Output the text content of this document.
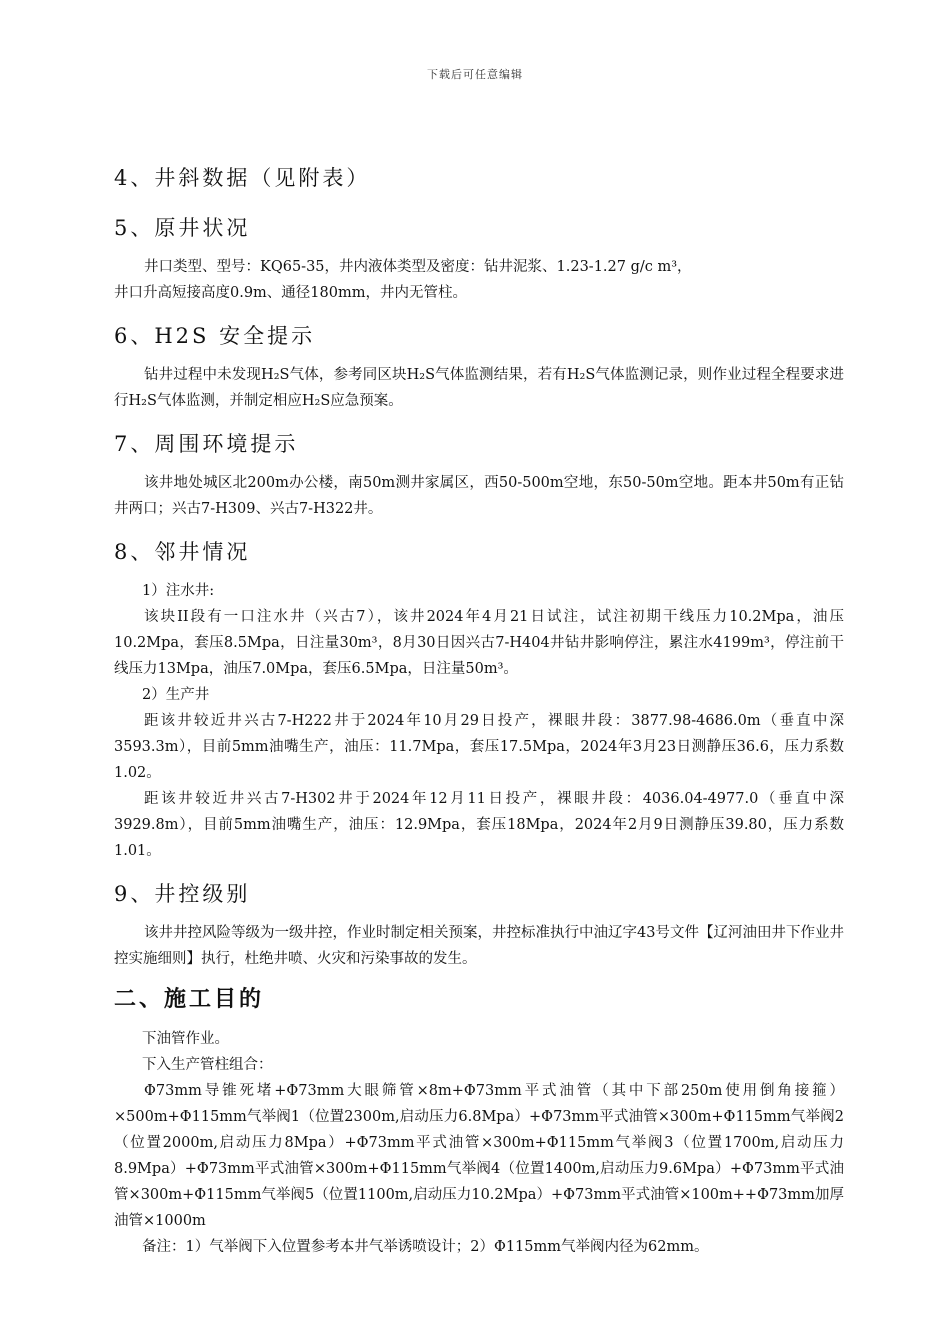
下载后可任意编辑
4、井斜数据（见附表）
5、原井状况

井口类型、型号：KQ65-35，井内液体类型及密度：钻井泥浆、1.23-1.27 g/c m³，

井口升高短接高度0.9m、通径180mm，井内无管柱。

6、H2S 安全提示

钻井过程中未发现H₂S气体，参考同区块H₂S气体监测结果，若有H₂S气体监测记录，则作业过程全程要求进行H₂S气体监测，并制定相应H₂S应急预案。

7、周围环境提示

该井地处城区北200m办公楼，南50m测井家属区，西50-500m空地，东50-50m空地。距本井50m有正钻井两口；兴古7-H309、兴古7-H322井。

8、邻井情况

1）注水井:

该块II段有一口注水井（兴古7），该井2024年4月21日试注，试注初期干线压力10.2Mpa，油压10.2Mpa，套压8.5Mpa，日注量30m³，8月30日因兴古7-H404井钻井影响停注，累注水4199m³，停注前干线压力13Mpa，油压7.0Mpa，套压6.5Mpa，日注量50m³。

2）生产井

距该井较近井兴古7-H222井于2024年10月29日投产，裸眼井段：3877.98-4686.0m（垂直中深3593.3m），目前5mm油嘴生产，油压：11.7Mpa，套压17.5Mpa，2024年3月23日测静压36.6，压力系数1.02。

距该井较近井兴古7-H302井于2024年12月11日投产，裸眼井段：4036.04-4977.0（垂直中深3929.8m），目前5mm油嘴生产，油压：12.9Mpa，套压18Mpa，2024年2月9日测静压39.80，压力系数1.01。

9、井控级别

该井井控风险等级为一级井控，作业时制定相关预案，井控标准执行中油辽字43号文件【辽河油田井下作业井控实施细则】执行，杜绝井喷、火灾和污染事故的发生。

二、施工目的

下油管作业。

下入生产管柱组合：

Φ73mm导锥死堵+Φ73mm大眼筛管×8m+Φ73mm平式油管（其中下部250m使用倒角接箍）×500m+Φ115mm气举阀1（位置2300m,启动压力6.8Mpa）+Φ73mm平式油管×300m+Φ115mm气举阀2（位置2000m,启动压力8Mpa）+Φ73mm平式油管×300m+Φ115mm气举阀3（位置1700m,启动压力8.9Mpa）+Φ73mm平式油管×300m+Φ115mm气举阀4（位置1400m,启动压力9.6Mpa）+Φ73mm平式油管×300m+Φ115mm气举阀5（位置1100m,启动压力10.2Mpa）+Φ73mm平式油管×100m++Φ73mm加厚油管×1000m

备注：1）气举阀下入位置参考本井气举诱喷设计；2）Φ115mm气举阀内径为62mm。
